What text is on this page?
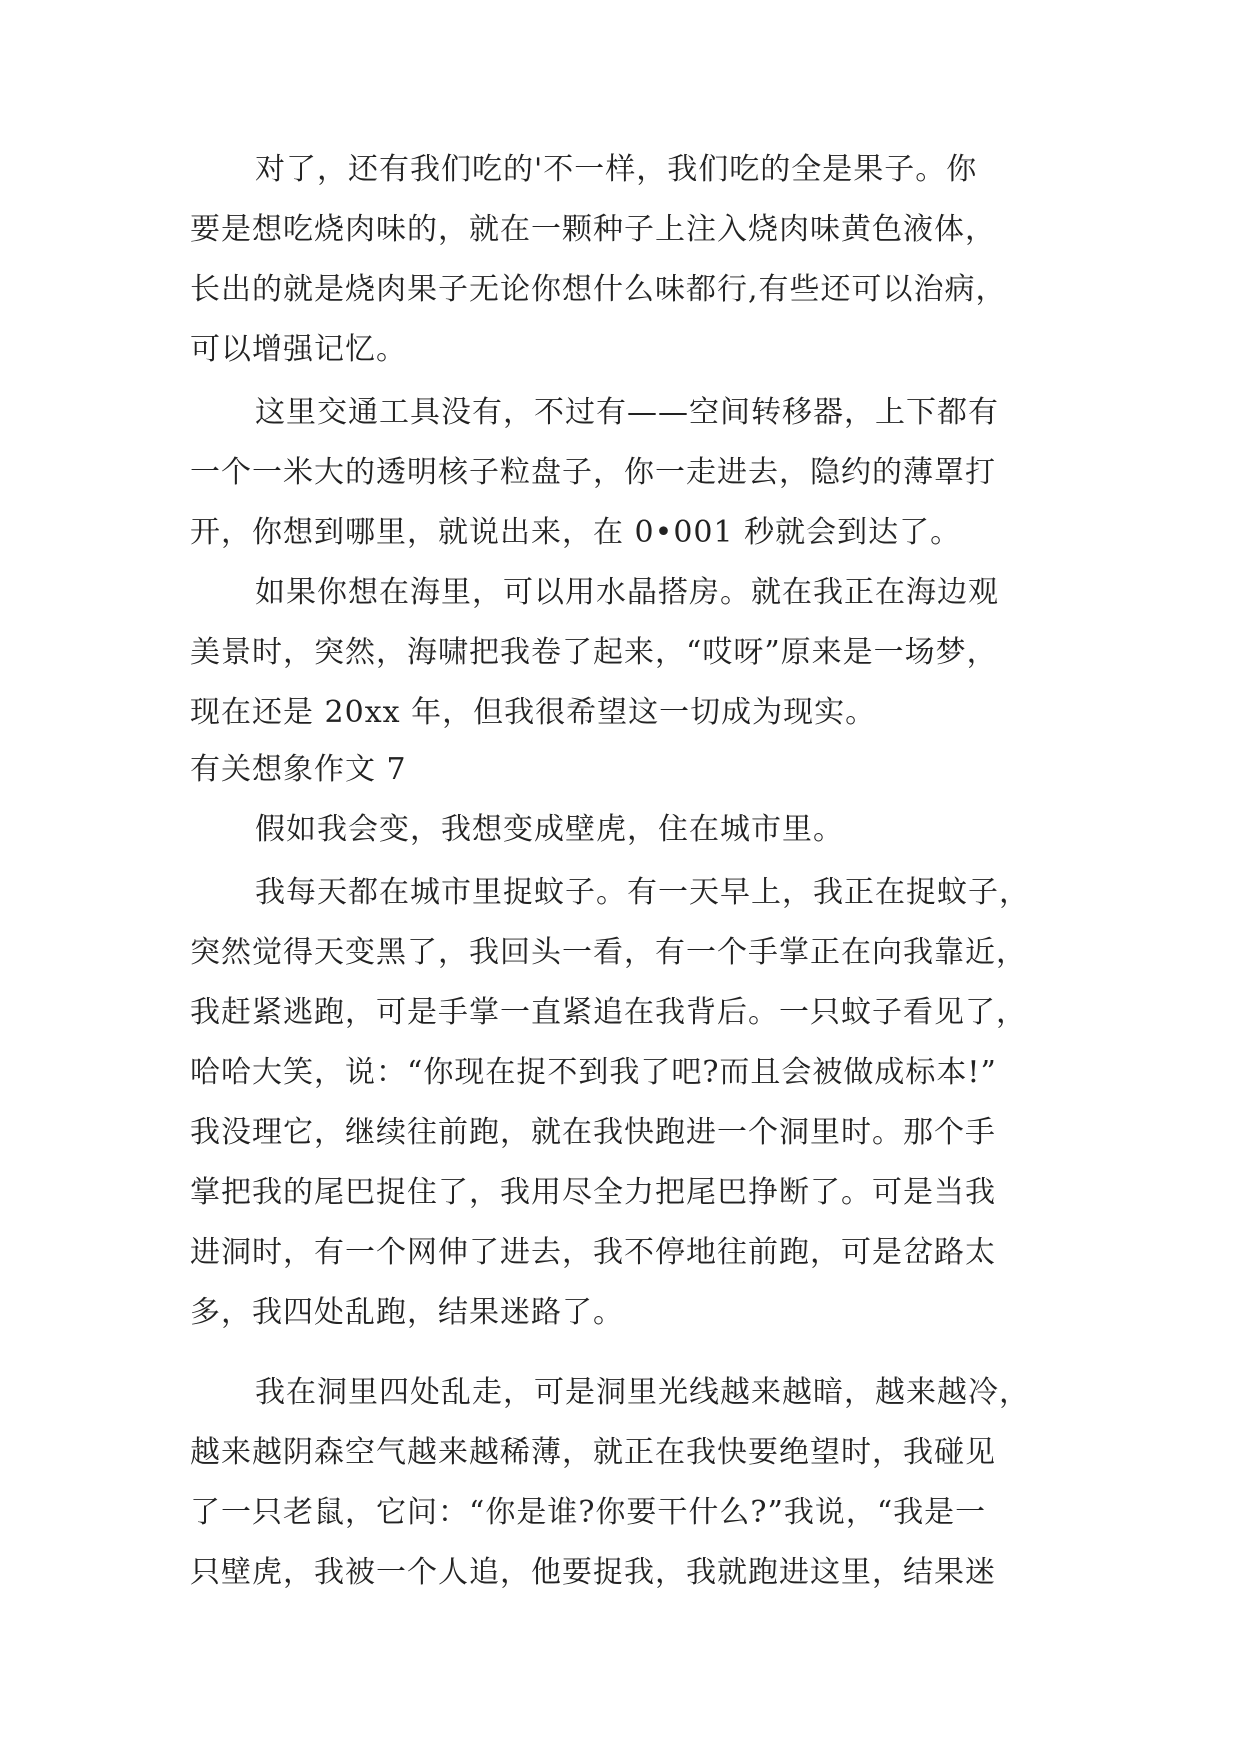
对了，还有我们吃的'不一样，我们吃的全是果子。你
要是想吃烧肉味的，就在一颗种子上注入烧肉味黄色液体，
长出的就是烧肉果子无论你想什么味都行,有些还可以治病，
可以增强记忆。
这里交通工具没有，不过有——空间转移器，上下都有
一个一米大的透明核子粒盘子，你一走进去，隐约的薄罩打
开，你想到哪里，就说出来，在 0•001 秒就会到达了。
如果你想在海里，可以用水晶搭房。就在我正在海边观
美景时，突然，海啸把我卷了起来，“哎呀”原来是一场梦，
现在还是 20xx 年，但我很希望这一切成为现实。
有关想象作文 7
假如我会变，我想变成壁虎，住在城市里。
我每天都在城市里捉蚊子。有一天早上，我正在捉蚊子，
突然觉得天变黑了，我回头一看，有一个手掌正在向我靠近，
我赶紧逃跑，可是手掌一直紧追在我背后。一只蚊子看见了，
哈哈大笑，说：“你现在捉不到我了吧?而且会被做成标本!”
我没理它，继续往前跑，就在我快跑进一个洞里时。那个手
掌把我的尾巴捉住了，我用尽全力把尾巴挣断了。可是当我
进洞时，有一个网伸了进去，我不停地往前跑，可是岔路太
多，我四处乱跑，结果迷路了。
我在洞里四处乱走，可是洞里光线越来越暗，越来越冷，
越来越阴森空气越来越稀薄，就正在我快要绝望时，我碰见
了一只老鼠，它问：“你是谁?你要干什么?”我说，“我是一
只壁虎，我被一个人追，他要捉我，我就跑进这里，结果迷
